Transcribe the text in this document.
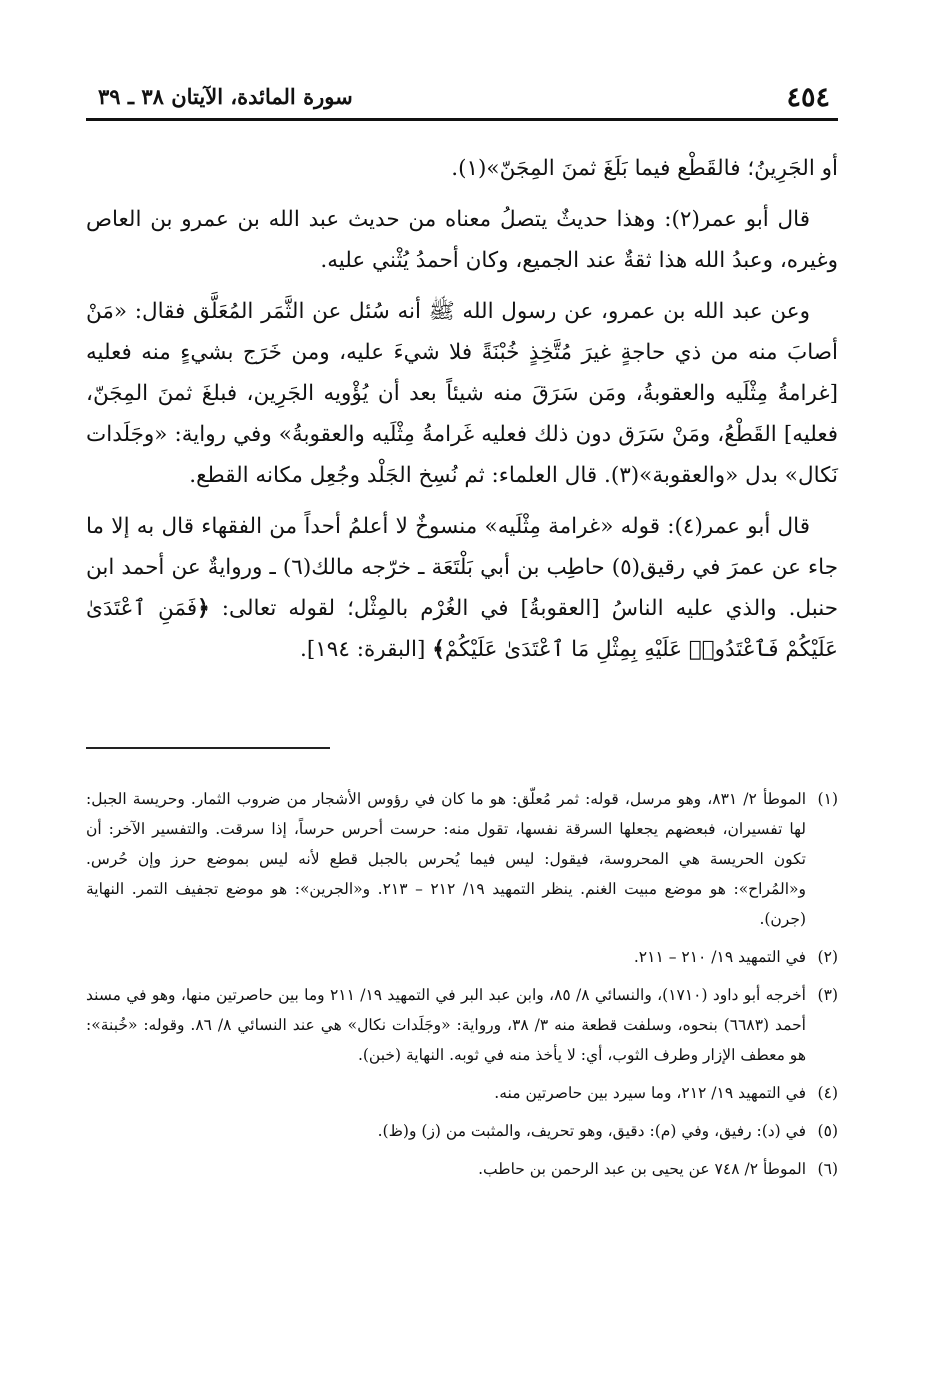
٤٥٤
سورة المائدة، الآيتان ٣٨ ـ ٣٩

أو الجَرِينُ؛ فالقَطْع فيما بَلَغَ ثمنَ المِجَنّ»(١).

قال أبو عمر(٢): وهذا حديثٌ يتصلُ معناه من حديث عبد الله بن عمرو بن العاص وغيره، وعبدُ الله هذا ثقةٌ عند الجميع، وكان أحمدُ يُثْني عليه.

وعن عبد الله بن عمرو، عن رسول الله ﷺ أنه سُئل عن الثَّمَر المُعَلَّق فقال: «مَنْ أصابَ منه من ذي حاجةٍ غيرَ مُتَّخِذٍ خُبْنَةً فلا شيءَ عليه، ومن خَرَج بشيءٍ منه فعليه [غرامةُ مِثْلَيه والعقوبةُ، ومَن سَرَقَ منه شيئاً بعد أن يُؤْويه الجَرِين، فبلغَ ثمنَ المِجَنّ، فعليه] القَطْعُ، ومَنْ سَرَق دون ذلك فعليه غَرامةُ مِثْلَيه والعقوبةُ» وفي رواية: «وجَلَدات نَكال» بدل «والعقوبة»(٣). قال العلماء: ثم نُسِخ الجَلْد وجُعِل مكانه القطع.

قال أبو عمر(٤): قوله «غرامة مِثْلَيه» منسوخٌ لا أعلمُ أحداً من الفقهاء قال به إلا ما جاء عن عمرَ في رقيق(٥) حاطِب بن أبي بَلْتَعَة ـ خرّجه مالك(٦) ـ وروايةٌ عن أحمد ابن حنبل. والذي عليه الناسُ [العقوبةُ] في الغُرْم بالمِثْل؛ لقوله تعالى: ﴿فَمَنِ ٱعْتَدَىٰ عَلَيْكُمْ فَٱعْتَدُوا۟ عَلَيْهِ بِمِثْلِ مَا ٱعْتَدَىٰ عَلَيْكُمْ﴾ [البقرة: ١٩٤].

(١)
الموطأ ٢/ ٨٣١، وهو مرسل، قوله: ثمر مُعلّق: هو ما كان في رؤوس الأشجار من ضروب الثمار. وحريسة الجبل: لها تفسيران، فبعضهم يجعلها السرقة نفسها، تقول منه: حرست أحرس حرساً، إذا سرقت. والتفسير الآخر: أن تكون الحريسة هي المحروسة، فيقول: ليس فيما يُحرس بالجبل قطع لأنه ليس بموضع حرز وإن حُرس. و«المُراح»: هو موضع مبيت الغنم. ينظر التمهيد ١٩/ ٢١٢ – ٢١٣. و«الجرين»: هو موضع تجفيف التمر. النهاية (جرن).
(٢)
في التمهيد ١٩/ ٢١٠ – ٢١١.
(٣)
أخرجه أبو داود (١٧١٠)، والنسائي ٨/ ٨٥، وابن عبد البر في التمهيد ١٩/ ٢١١ وما بين حاصرتين منها، وهو في مسند أحمد (٦٦٨٣) بنحوه، وسلفت قطعة منه ٣/ ٣٨، ورواية: «وجَلَدات نكال» هي عند النسائي ٨/ ٨٦. وقوله: «خُبنة»: هو معطف الإزار وطرف الثوب، أي: لا يأخذ منه في ثوبه. النهاية (خبن).
(٤)
في التمهيد ١٩/ ٢١٢، وما سيرد بين حاصرتين منه.
(٥)
في (د): رفيق، وفي (م): دقيق، وهو تحريف، والمثبت من (ز) و(ظ).
(٦)
الموطأ ٢/ ٧٤٨ عن يحيى بن عبد الرحمن بن حاطب.
